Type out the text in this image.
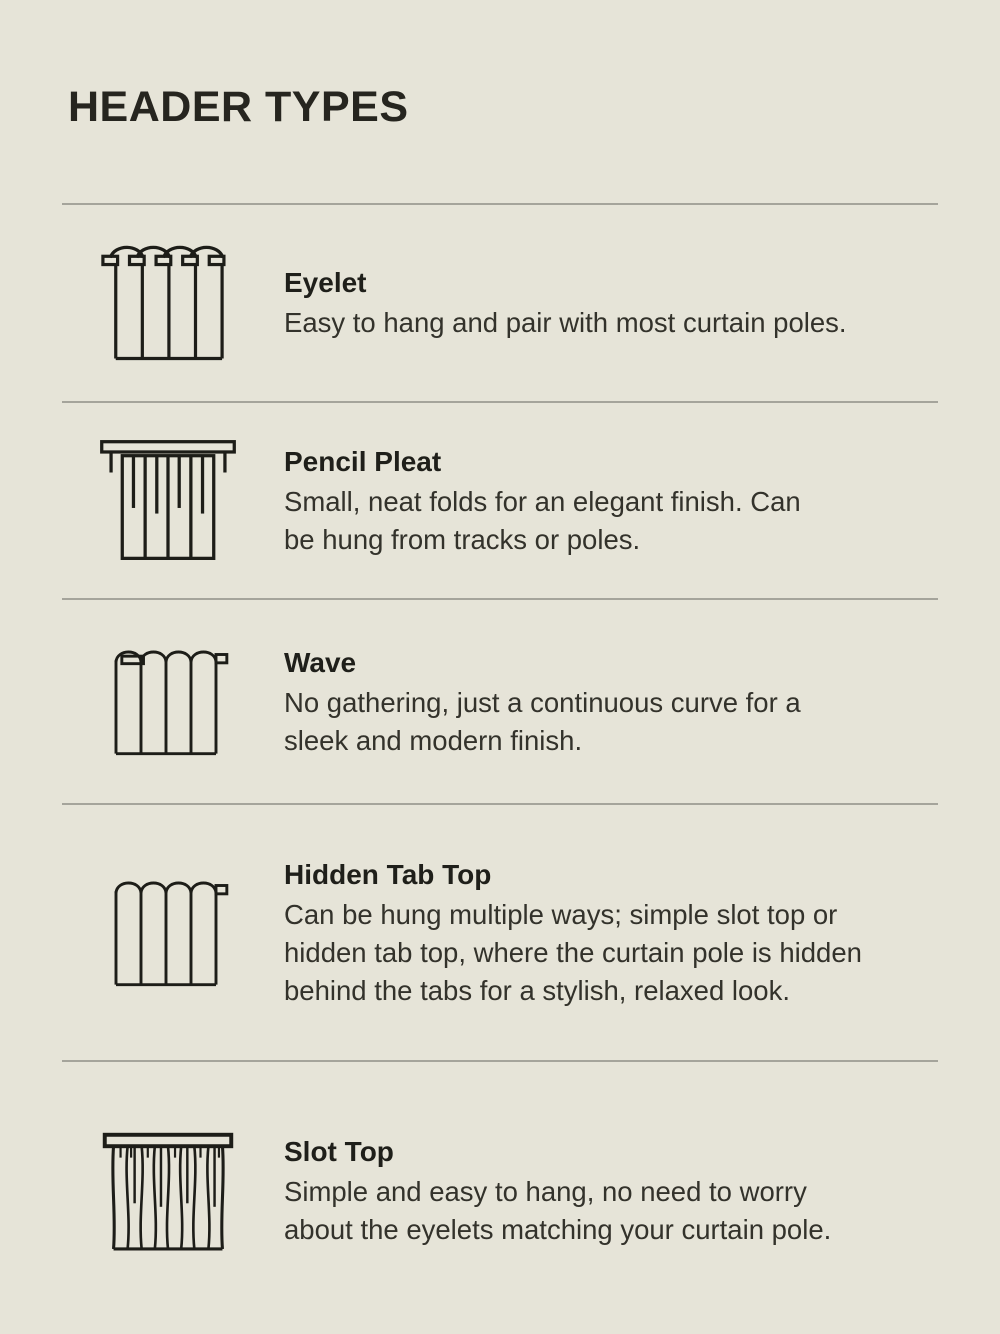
HEADER TYPES
Eyelet
Easy to hang and pair with most curtain poles.
Pencil Pleat
Small, neat folds for an elegant finish. Can
be hung from tracks or poles.
Wave
No gathering, just a continuous curve for a
sleek and modern finish.
Hidden Tab Top
Can be hung multiple ways; simple slot top or
hidden tab top, where the curtain pole is hidden
behind the tabs for a stylish, relaxed look.
Slot Top
Simple and easy to hang, no need to worry
about the eyelets matching your curtain pole.
